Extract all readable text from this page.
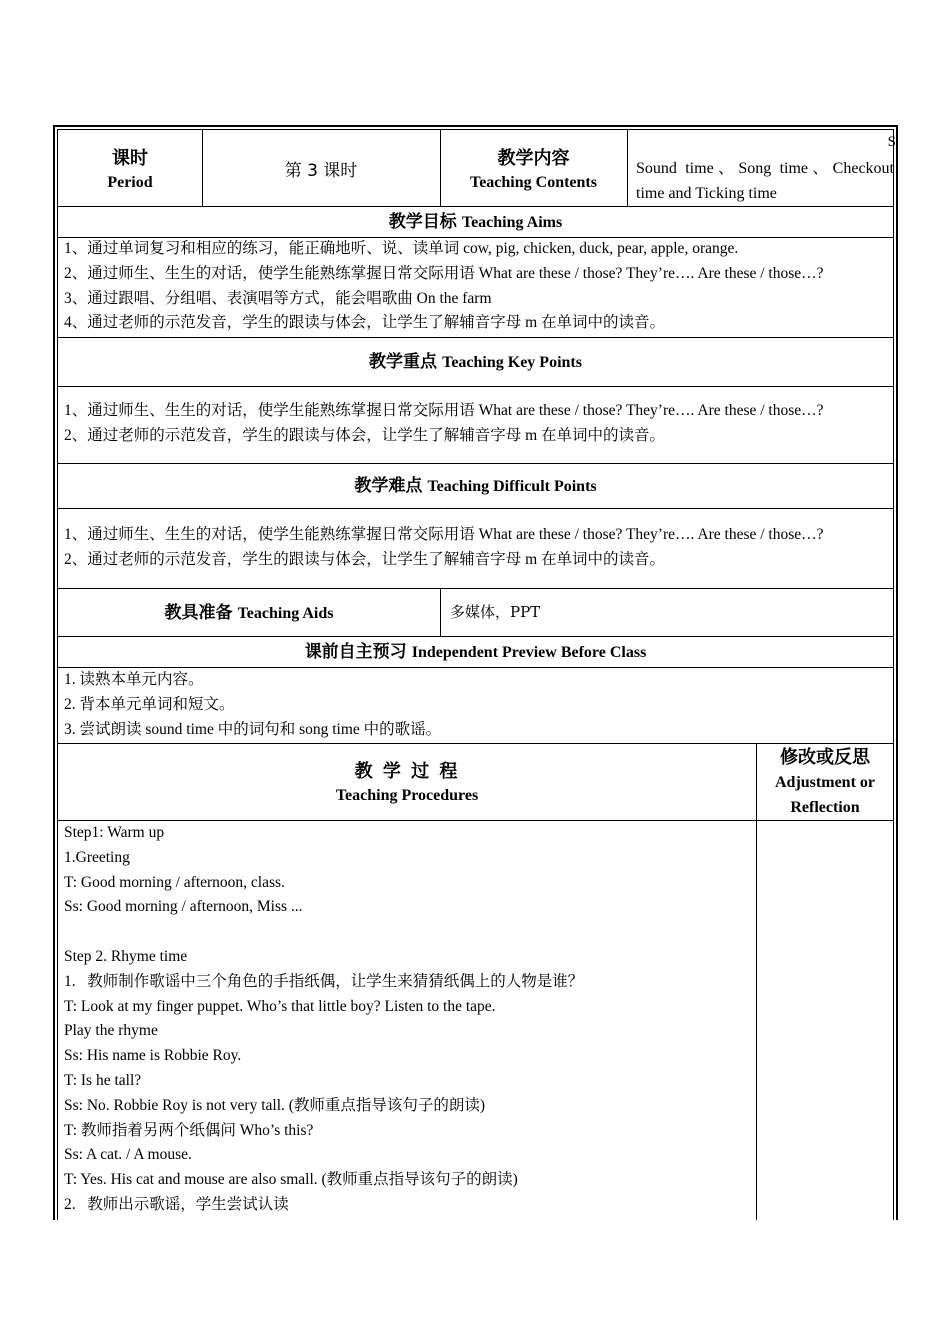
S
课时
Period
第 3 课时
教学内容
Teaching Contents
Sound time、Song time、Checkout time and Ticking time
教学目标 Teaching Aims
1、通过单词复习和相应的练习，能正确地听、说、读单词 cow, pig, chicken, duck, pear, apple, orange.
2、通过师生、生生的对话，使学生能熟练掌握日常交际用语 What are these / those? They’re…. Are these / those…?
3、通过跟唱、分组唱、表演唱等方式，能会唱歌曲 On the farm
4、通过老师的示范发音，学生的跟读与体会，让学生了解辅音字母 m 在单词中的读音。
教学重点 Teaching Key Points
1、通过师生、生生的对话，使学生能熟练掌握日常交际用语 What are these / those? They’re…. Are these / those…?
2、通过老师的示范发音，学生的跟读与体会，让学生了解辅音字母 m 在单词中的读音。
教学难点 Teaching Difficult Points
1、通过师生、生生的对话，使学生能熟练掌握日常交际用语 What are these / those? They’re…. Are these / those…?
2、通过老师的示范发音，学生的跟读与体会，让学生了解辅音字母 m 在单词中的读音。
教具准备 Teaching Aids	多媒体，PPT
课前自主预习 Independent Preview Before Class
1. 读熟本单元内容。
2. 背本单元单词和短文。
3. 尝试朗读 sound time 中的词句和 song time 中的歌谣。
教 学 过 程
Teaching Procedures
修改或反思
Adjustment or
Reflection
Step1: Warm up
1.Greeting
T: Good morning / afternoon, class.
Ss: Good morning / afternoon, Miss ...
Step 2. Rhyme time
1.   教师制作歌谣中三个角色的手指纸偶，让学生来猜猜纸偶上的人物是谁？
T: Look at my finger puppet. Who’s that little boy? Listen to the tape.
Play the rhyme
Ss: His name is Robbie Roy.
T: Is he tall?
Ss: No. Robbie Roy is not very tall. (教师重点指导该句子的朗读)
T: 教师指着另两个纸偶问 Who’s this?
Ss: A cat. / A mouse.
T: Yes. His cat and mouse are also small. (教师重点指导该句子的朗读)
2.   教师出示歌谣，学生尝试认读
